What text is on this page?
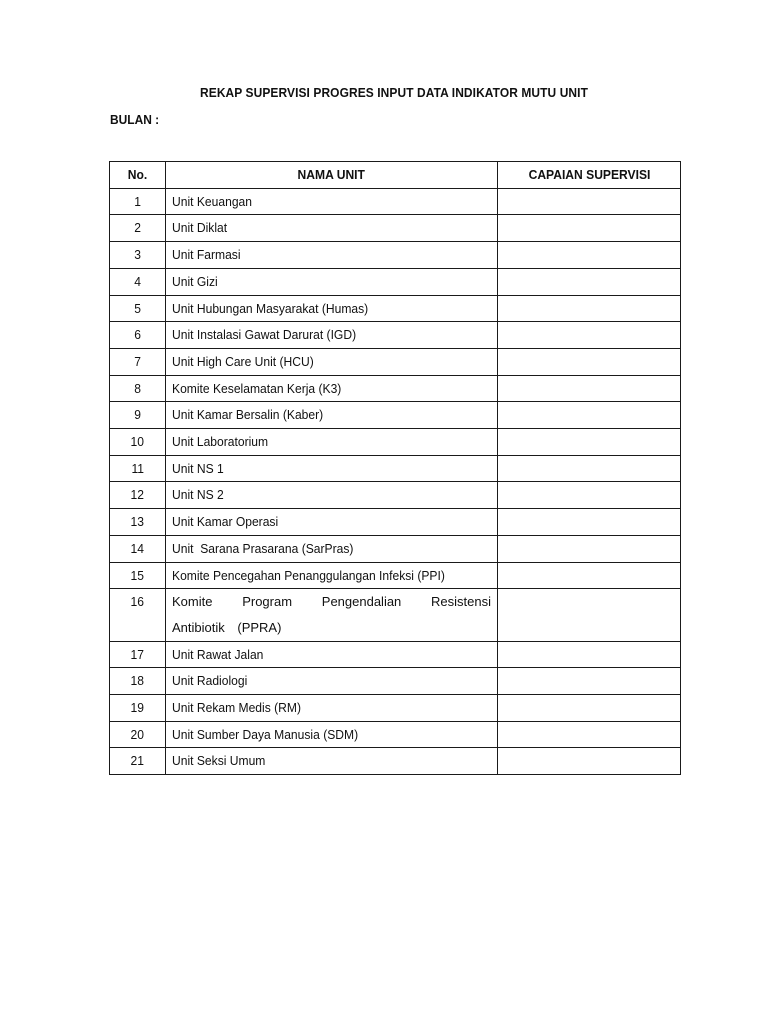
REKAP SUPERVISI PROGRES INPUT DATA INDIKATOR MUTU UNIT
BULAN :
No.	NAMA UNIT	CAPAIAN SUPERVISI
1	Unit Keuangan	
2	Unit Diklat	
3	Unit Farmasi	
4	Unit Gizi	
5	Unit Hubungan Masyarakat (Humas)	
6	Unit Instalasi Gawat Darurat (IGD)	
7	Unit High Care Unit (HCU)	
8	Komite Keselamatan Kerja (K3)	
9	Unit Kamar Bersalin (Kaber)	
10	Unit Laboratorium	
11	Unit NS 1	
12	Unit NS 2	
13	Unit Kamar Operasi	
14	Unit  Sarana Prasarana (SarPras)	
15	Komite Pencegahan Penanggulangan Infeksi (PPI)	
16	Komite Program Pengendalian Resistensi Antibiotik (PPRA)	

17	Unit Rawat Jalan	
18	Unit Radiologi	
19	Unit Rekam Medis (RM)	
20	Unit Sumber Daya Manusia (SDM)	
21	Unit Seksi Umum	
